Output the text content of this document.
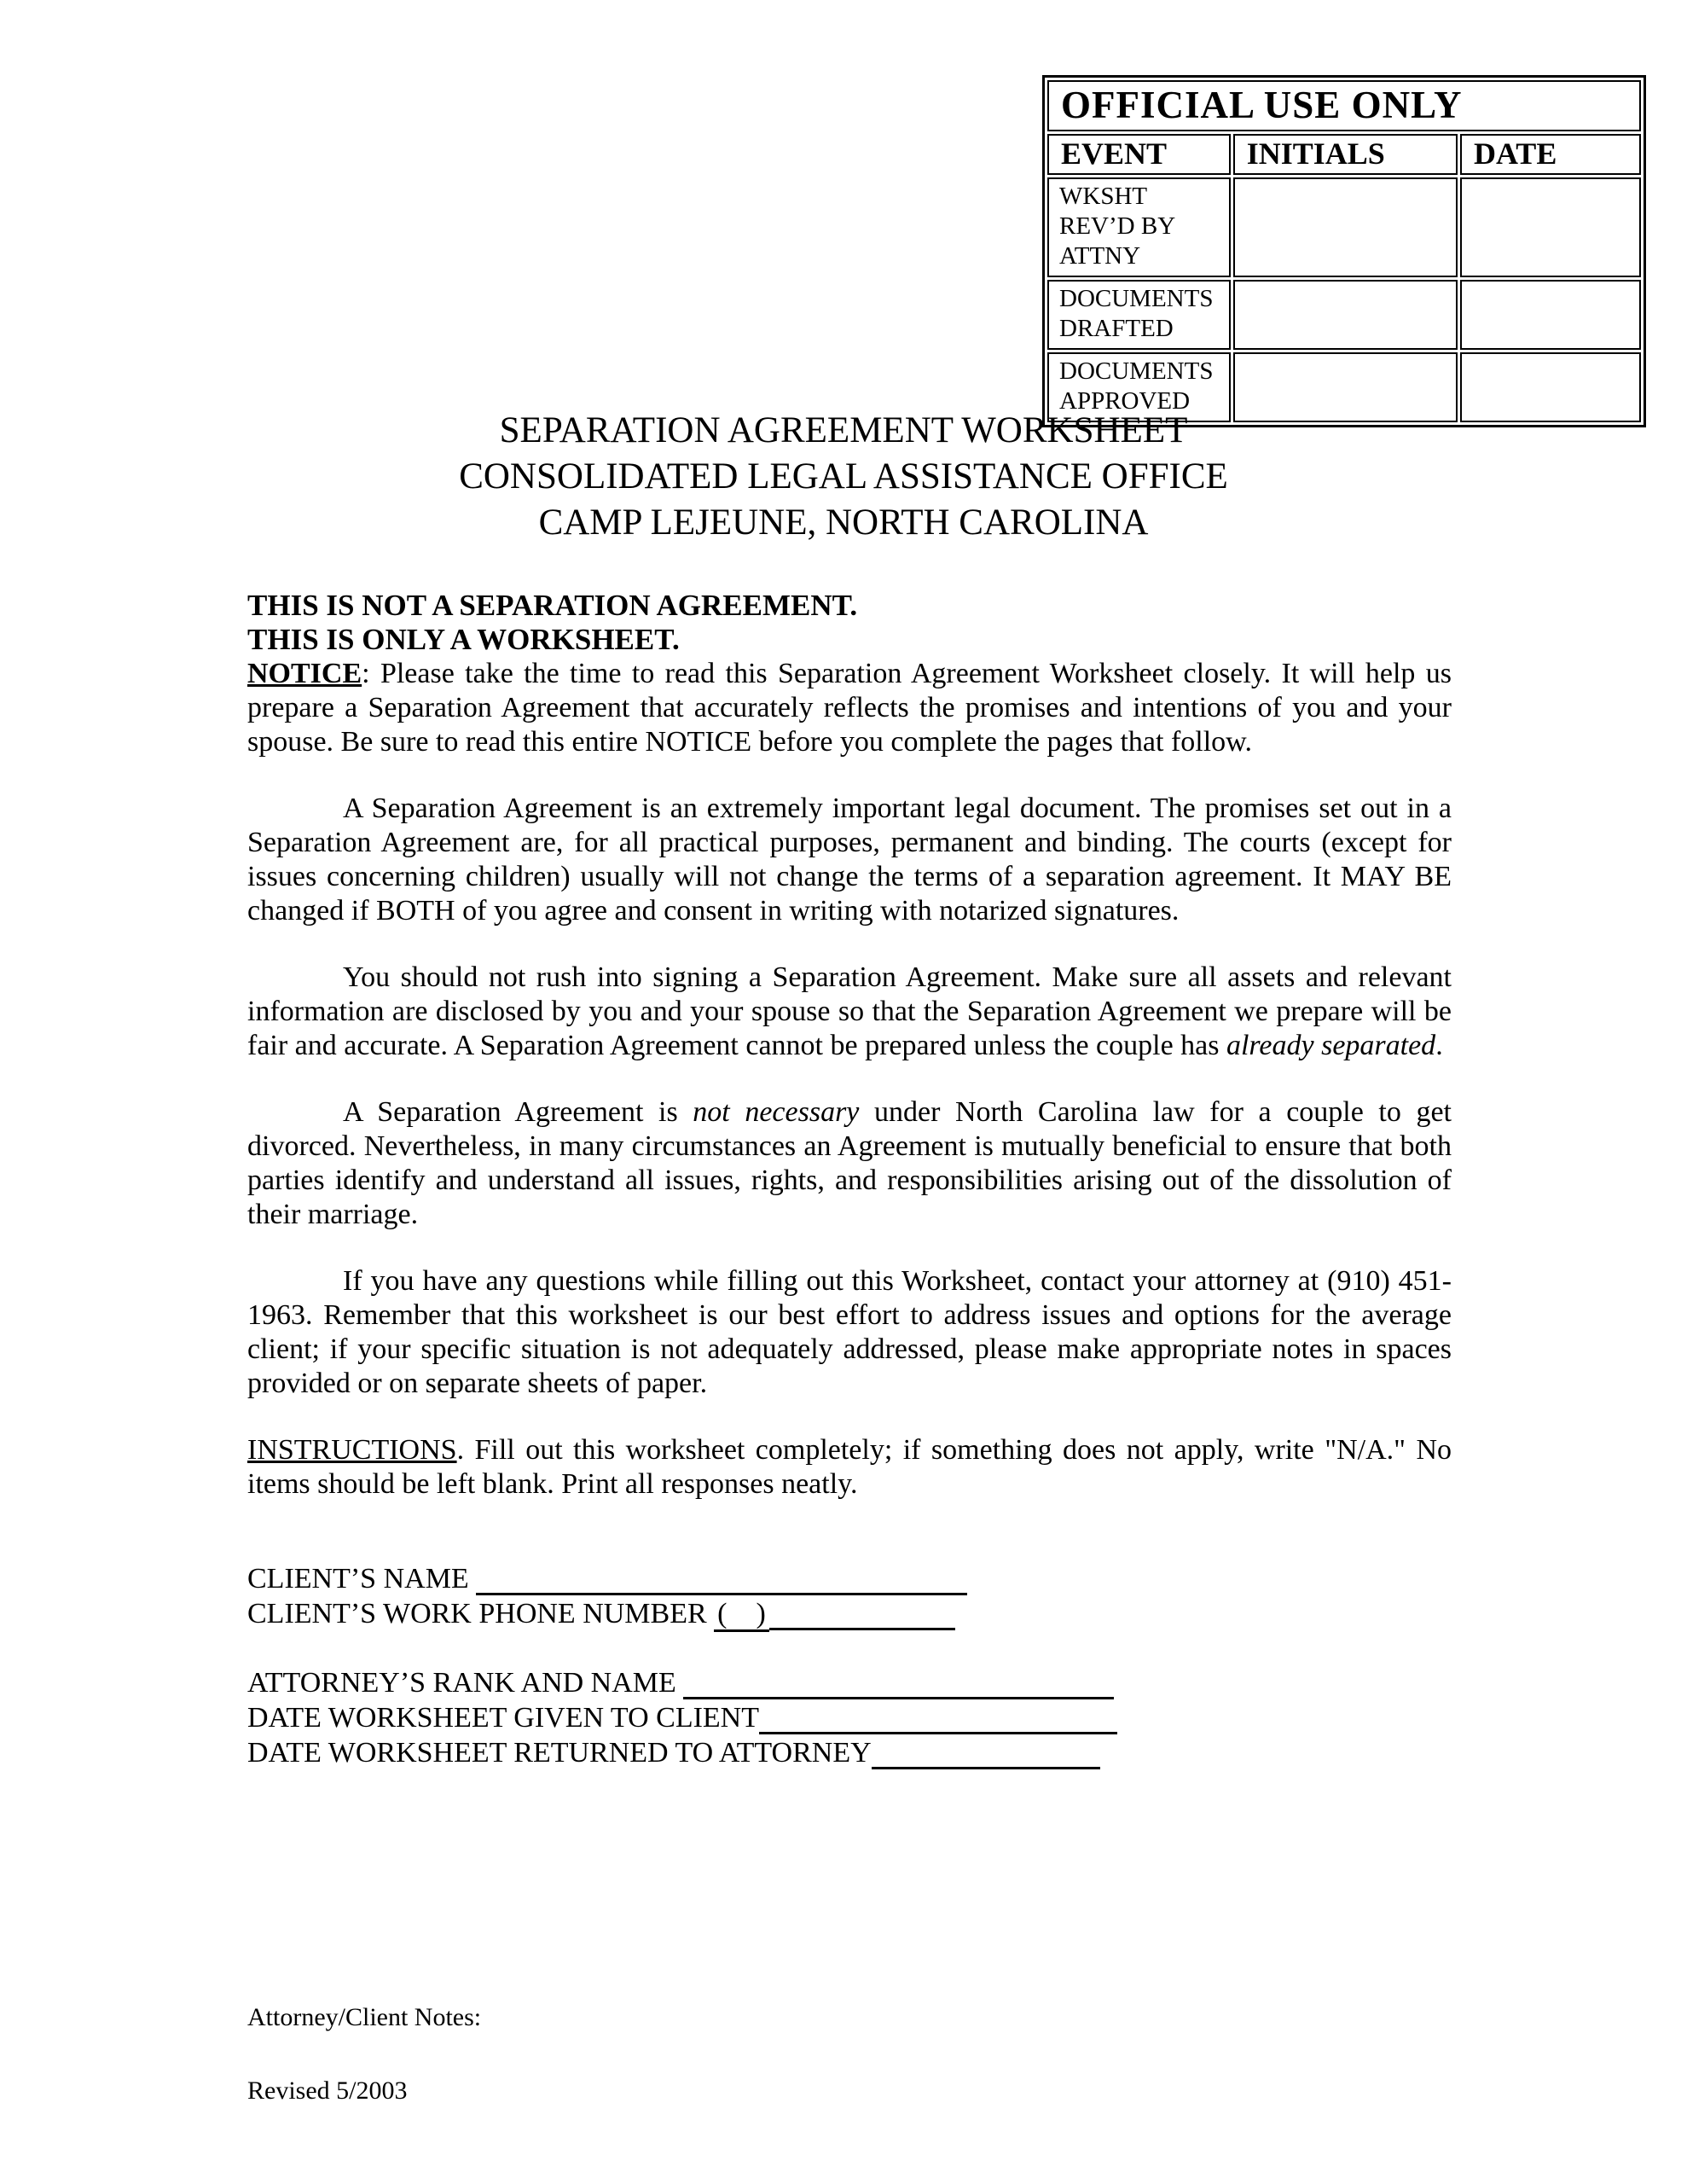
OFFICIAL USE ONLY		
EVENT	INITIALS	DATE
WKSHT REV’D BY ATTNY		
DOCUMENTS DRAFTED		
DOCUMENTS APPROVED		
SEPARATION AGREEMENT WORKSHEET
CONSOLIDATED LEGAL ASSISTANCE OFFICE
CAMP LEJEUNE, NORTH CAROLINA
THIS IS NOT A SEPARATION AGREEMENT.
THIS IS ONLY A WORKSHEET.

NOTICE: Please take the time to read this Separation Agreement Worksheet closely. It will help us prepare a Separation Agreement that accurately reflects the promises and intentions of you and your spouse. Be sure to read this entire NOTICE before you complete the pages that follow.

A Separation Agreement is an extremely important legal document. The promises set out in a Separation Agreement are, for all practical purposes, permanent and binding. The courts (except for issues concerning children) usually will not change the terms of a separation agreement. It MAY BE changed if BOTH of you agree and consent in writing with notarized signatures.

You should not rush into signing a Separation Agreement. Make sure all assets and relevant information are disclosed by you and your spouse so that the Separation Agreement we prepare will be fair and accurate. A Separation Agreement cannot be prepared unless the couple has already separated.

A Separation Agreement is not necessary under North Carolina law for a couple to get divorced. Nevertheless, in many circumstances an Agreement is mutually beneficial to ensure that both parties identify and understand all issues, rights, and responsibilities arising out of the dissolution of their marriage.

If you have any questions while filling out this Worksheet, contact your attorney at (910) 451-1963. Remember that this worksheet is our best effort to address issues and options for the average client; if your specific situation is not adequately addressed, please make appropriate notes in spaces provided or on separate sheets of paper.

INSTRUCTIONS. Fill out this worksheet completely; if something does not apply, write "N/A." No items should be left blank. Print all responses neatly.

CLIENT’S NAME
CLIENT’S WORK PHONE NUMBER (    )
ATTORNEY’S RANK AND NAME
DATE WORKSHEET GIVEN TO CLIENT
DATE WORKSHEET RETURNED TO ATTORNEY
Attorney/Client Notes:
Revised 5/2003
